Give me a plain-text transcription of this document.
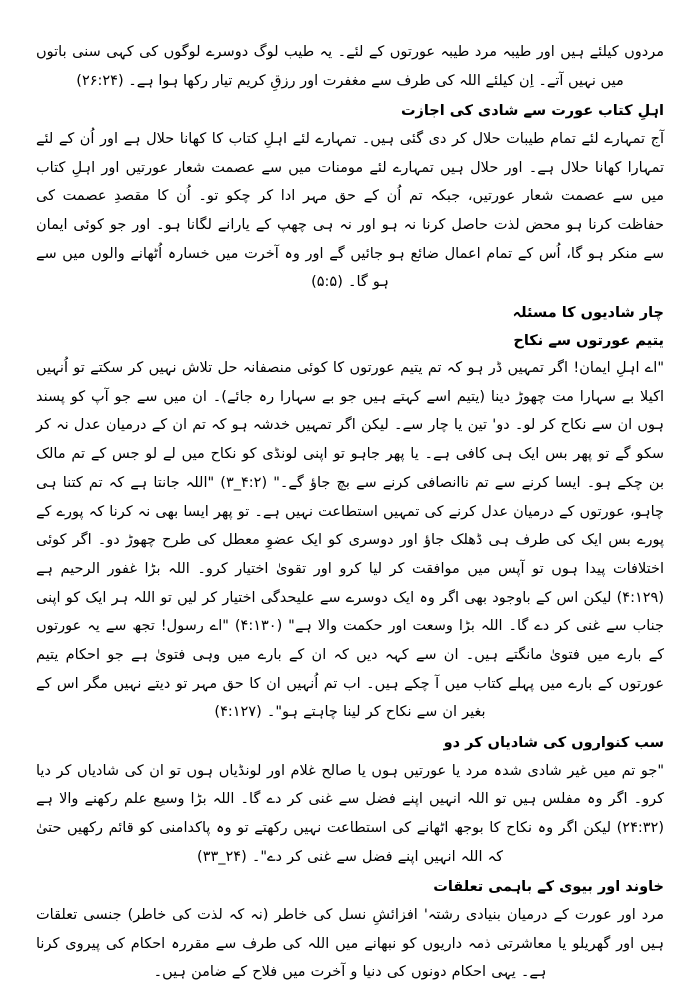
مردوں کیلئے ہیں اور طیبہ مرد طیبہ عورتوں کے لئے۔ یہ طیب لوگ دوسرے لوگوں کی کہی سنی باتوں میں نہیں آتے۔ اِن کیلئے اللہ کی طرف سے مغفرت اور رزقِ کریم تیار رکھا ہوا ہے۔ (۲۶:۲۴)

اہلِ کتاب عورت سے شادی کی اجازت

آج تمہارے لئے تمام طیبات حلال کر دی گئی ہیں۔ تمہارے لئے اہلِ کتاب کا کھانا حلال ہے اور اُن کے لئے تمہارا کھانا حلال ہے۔ اور حلال ہیں تمہارے لئے مومنات میں سے عصمت شعار عورتیں اور اہلِ کتاب میں سے عصمت شعار عورتیں، جبکہ تم اُن کے حق مہر ادا کر چکو تو۔ اُن کا مقصدِ عصمت کی حفاظت کرنا ہو محض لذت حاصل کرنا نہ ہو اور نہ ہی چھپ کے یارانے لگانا ہو۔ اور جو کوئی ایمان سے منکر ہو گا، اُس کے تمام اعمال ضائع ہو جائیں گے اور وہ آخرت میں خسارہ اُٹھانے والوں میں سے ہو گا۔ (۵:۵)

چار شادیوں کا مسئلہ
یتیم عورتوں سے نکاح

"اے اہلِ ایمان! اگر تمہیں ڈر ہو کہ تم یتیم عورتوں کا کوئی منصفانہ حل تلاش نہیں کر سکتے تو اُنہیں اکیلا بے سہارا مت چھوڑ دینا (یتیم اسے کہتے ہیں جو بے سہارا رہ جائے)۔ ان میں سے جو آپ کو پسند ہوں ان سے نکاح کر لو۔ دو' تین یا چار سے۔ لیکن اگر تمہیں خدشہ ہو کہ تم ان کے درمیان عدل نہ کر سکو گے تو پھر بس ایک ہی کافی ہے۔ یا پھر جاہو تو اپنی لونڈی کو نکاح میں لے لو جس کے تم مالک بن چکے ہو۔ ایسا کرنے سے تم ناانصافی کرنے سے بچ جاؤ گے۔" (۴:۲_۳) "اللہ جانتا ہے کہ تم کتنا ہی چاہو، عورتوں کے درمیان عدل کرنے کی تمہیں استطاعت نہیں ہے۔ تو پھر ایسا بھی نہ کرنا کہ پورے کے پورے بس ایک کی طرف ہی ڈھلک جاؤ اور دوسری کو ایک عضوِ معطل کی طرح چھوڑ دو۔ اگر کوئی اختلافات پیدا ہوں تو آپس میں موافقت کر لیا کرو اور تقویٰ اختیار کرو۔ اللہ بڑا غفور الرحیم ہے (۴:۱۲۹) لیکن اس کے باوجود بھی اگر وہ ایک دوسرے سے علیحدگی اختیار کر لیں تو اللہ ہر ایک کو اپنی جناب سے غنی کر دے گا۔ اللہ بڑا وسعت اور حکمت والا ہے" (۴:۱۳۰) "اے رسول! تجھ سے یہ عورتوں کے بارے میں فتویٰ مانگتے ہیں۔ ان سے کہہ دیں کہ ان کے بارے میں وہی فتویٰ ہے جو احکام یتیم عورتوں کے بارے میں پہلے کتاب میں آ چکے ہیں۔ اب تم اُنہیں ان کا حق مہر تو دیتے نہیں مگر اس کے بغیر ان سے نکاح کر لینا چاہتے ہو"۔ (۴:۱۲۷)

سب کنواروں کی شادیاں کر دو

"جو تم میں غیر شادی شدہ مرد یا عورتیں ہوں یا صالح غلام اور لونڈیاں ہوں تو ان کی شادیاں کر دیا کرو۔ اگر وہ مفلس ہیں تو اللہ انہیں اپنے فضل سے غنی کر دے گا۔ اللہ بڑا وسیع علم رکھنے والا ہے (۲۴:۳۲) لیکن اگر وہ نکاح کا بوجھ اٹھانے کی استطاعت نہیں رکھتے تو وہ پاکدامنی کو قائم رکھیں حتیٰ کہ اللہ انہیں اپنے فضل سے غنی کر دے"۔ (۲۴_۳۳)

خاوند اور بیوی کے باہمی تعلقات

مرد اور عورت کے درمیان بنیادی رشتہ' افزائشِ نسل کی خاطر (نہ کہ لذت کی خاطر) جنسی تعلقات ہیں اور گھریلو یا معاشرتی ذمہ داریوں کو نبھانے میں اللہ کی طرف سے مقررہ احکام کی پیروی کرنا ہے۔ یہی احکام دونوں کی دنیا و آخرت میں فلاح کے ضامن ہیں۔
